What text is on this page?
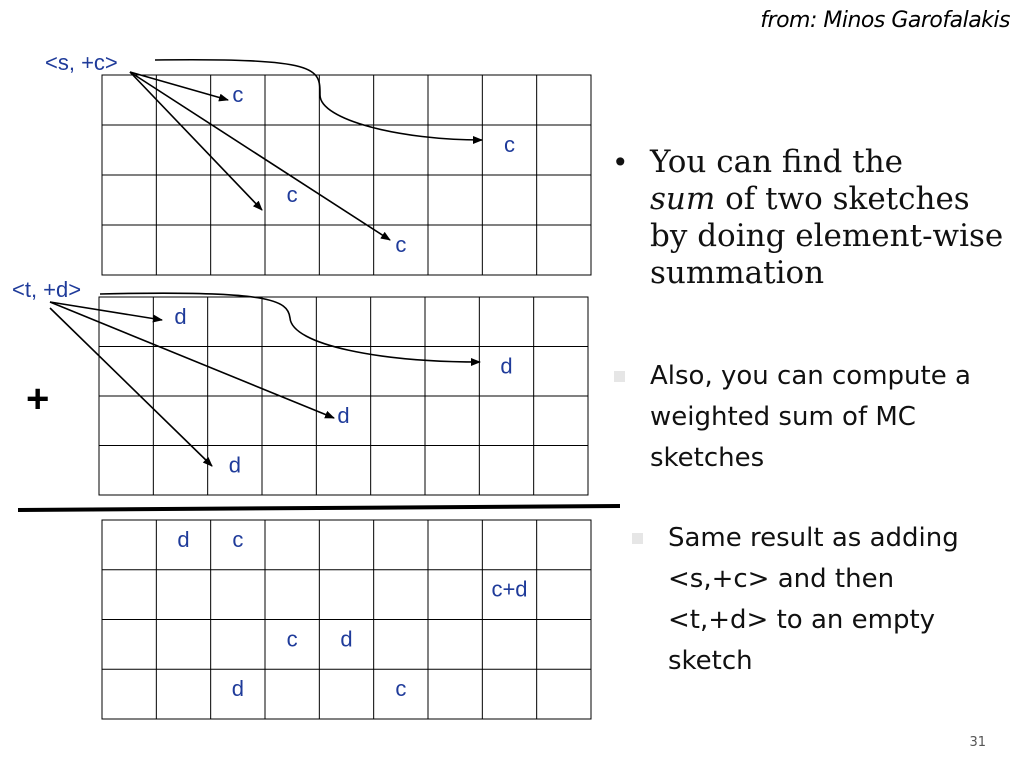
from: Minos Garofalakis
c
c
c
c
d
d
d
d
d c
c+d
c d
d	c
<s, +c>
<t, +d>
+
• You can find the
sum of two sketches by doing element-wise summation
Also, you can compute a weighted sum of MC sketches
Same result as adding <s,+c> and then <t,+d> to an empty sketch
31
